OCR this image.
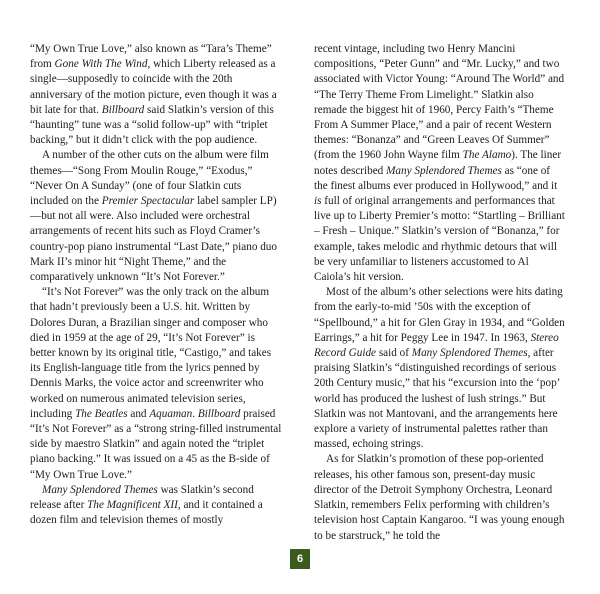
“My Own True Love,” also known as “Tara’s Theme” from Gone With The Wind, which Liberty released as a single—supposedly to coincide with the 20th anniversary of the motion picture, even though it was a bit late for that. Billboard said Slatkin’s version of this “haunting” tune was a “solid follow-up” with “triplet backing,” but it didn’t click with the pop audience.

A number of the other cuts on the album were film themes—“Song From Moulin Rouge,” “Exodus,” “Never On A Sunday” (one of four Slatkin cuts included on the Premier Spectacular label sampler LP)—but not all were. Also included were orchestral arrangements of recent hits such as Floyd Cramer’s country-pop piano instrumental “Last Date,” piano duo Mark II’s minor hit “Night Theme,” and the comparatively unknown “It’s Not Forever.”

“It’s Not Forever” was the only track on the album that hadn’t previously been a U.S. hit. Written by Dolores Duran, a Brazilian singer and composer who died in 1959 at the age of 29, “It’s Not Forever” is better known by its original title, “Castigo,” and takes its English-language title from the lyrics penned by Dennis Marks, the voice actor and screenwriter who worked on numerous animated television series, including The Beatles and Aquaman. Billboard praised “It’s Not Forever” as a “strong string-filled instrumental side by maestro Slatkin” and again noted the “triplet piano backing.” It was issued on a 45 as the B-side of “My Own True Love.”

Many Splendored Themes was Slatkin’s second release after The Magnificent XII, and it contained a dozen film and television themes of mostly

recent vintage, including two Henry Mancini compositions, “Peter Gunn” and “Mr. Lucky,” and two associated with Victor Young: “Around The World” and “The Terry Theme From Limelight.” Slatkin also remade the biggest hit of 1960, Percy Faith’s “Theme From A Summer Place,” and a pair of recent Western themes: “Bonanza” and “Green Leaves Of Summer” (from the 1960 John Wayne film The Alamo). The liner notes described Many Splendored Themes as “one of the finest albums ever produced in Hollywood,” and it is full of original arrangements and performances that live up to Liberty Premier’s motto: “Startling – Brilliant – Fresh – Unique.” Slatkin’s version of “Bonanza,” for example, takes melodic and rhythmic detours that will be very unfamiliar to listeners accustomed to Al Caiola’s hit version.

Most of the album’s other selections were hits dating from the early-to-mid ’50s with the exception of “Spellbound,” a hit for Glen Gray in 1934, and “Golden Earrings,” a hit for Peggy Lee in 1947. In 1963, Stereo Record Guide said of Many Splendored Themes, after praising Slatkin’s “distinguished recordings of serious 20th Century music,” that his “excursion into the ‘pop’ world has produced the lushest of lush strings.” But Slatkin was not Mantovani, and the arrangements here explore a variety of instrumental palettes rather than massed, echoing strings.

As for Slatkin’s promotion of these pop-oriented releases, his other famous son, present-day music director of the Detroit Symphony Orchestra, Leonard Slatkin, remembers Felix performing with children’s television host Captain Kangaroo. “I was young enough to be starstruck,” he told the

6
